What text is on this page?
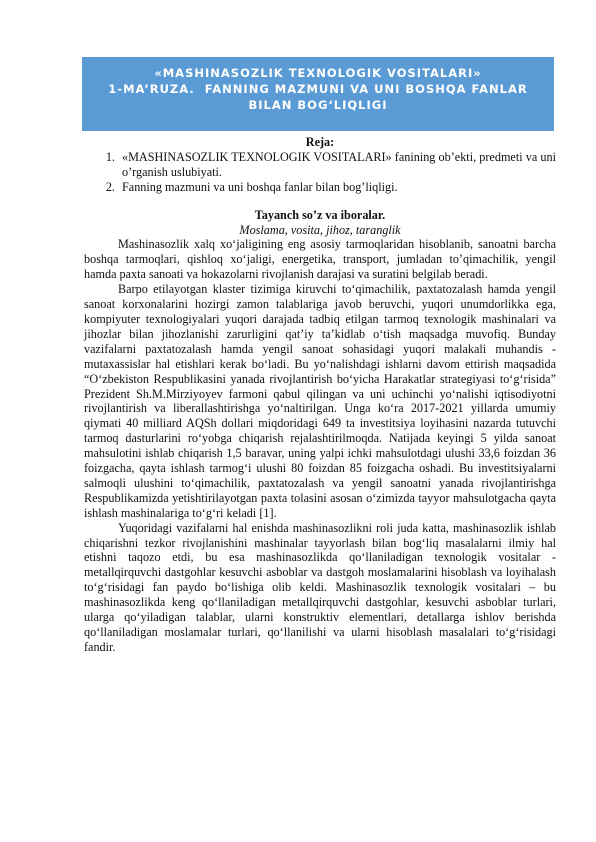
«MASHINASOZLIK TEXNOLOGIK VOSITALARI»
1-MA’RUZA.  FANNING MAZMUNI VA UNI BOSHQA FANLAR
BILAN BOG‘LIQLIGI

Reja:

1. «MASHINASOZLIK TEXNOLOGIK VOSITALARI» fanining ob’ekti, predmeti va uni o’rganish uslubiyati.
2. Fanning mazmuni va uni boshqa fanlar bilan bog’liqligi.

Tayanch so’z va iboralar.

Moslama, vosita, jihoz, taranglik

Mashinasozlik xalq xo‘jaligining eng asosiy tarmoqlaridan hisoblanib, sanoatni barcha boshqa tarmoqlari, qishloq xo‘jaligi, energetika, transport, jumladan to’qimachilik, yengil hamda paxta sanoati va hokazolarni rivojlanish darajasi va suratini belgilab beradi.

Barpo etilayotgan klaster tizimiga kiruvchi to‘qimachilik, paxtatozalash hamda yengil sanoat korxonalarini hozirgi zamon talablariga javob beruvchi, yuqori unumdorlikka ega, kompiyuter texnologiyalari yuqori darajada tadbiq etilgan tarmoq texnologik mashinalari va jihozlar bilan jihozlanishi zarurligini qat’iy ta’kidlab o‘tish maqsadga muvofiq. Bunday vazifalarni paxtatozalash hamda yengil sanoat sohasidagi yuqori malakali muhandis - mutaxassislar hal etishlari kerak bo‘ladi. Bu yo‘nalishdagi ishlarni davom ettirish maqsadida “O‘zbekiston Respublikasini yanada rivojlantirish bo‘yicha Harakatlar strategiyasi to‘g‘risida” Prezident Sh.M.Mirziyoyev farmoni qabul qilingan va uni uchinchi yo‘nalishi iqtisodiyotni rivojlantirish va liberallashtirishga yo‘naltirilgan. Unga ko‘ra 2017-2021 yillarda umumiy qiymati 40 milliard AQSh dollari miqdoridagi 649 ta investitsiya loyihasini nazarda tutuvchi tarmoq dasturlarini ro‘yobga chiqarish rejalashtirilmoqda. Natijada keyingi 5 yilda sanoat mahsulotini ishlab chiqarish 1,5 baravar, uning yalpi ichki mahsulotdagi ulushi 33,6 foizdan 36 foizgacha, qayta ishlash tarmog‘i ulushi 80 foizdan 85 foizgacha oshadi. Bu investitsiyalarni salmoqli ulushini to‘qimachilik, paxtatozalash va yengil sanoatni yanada rivojlantirishga Respublikamizda yetishtirilayotgan paxta tolasini asosan o‘zimizda tayyor mahsulotgacha qayta ishlash mashinalariga to‘g‘ri keladi [1].

Yuqoridagi vazifalarni hal enishda mashinasozlikni roli juda katta, mashinasozlik ishlab chiqarishni tezkor rivojlanishini mashinalar tayyorlash bilan bog‘liq masalalarni ilmiy hal etishni taqozo etdi, bu esa mashinasozlikda qo‘llaniladigan texnologik vositalar - metallqirquvchi dastgohlar kesuvchi asboblar va dastgoh moslamalarini hisoblash va loyihalash to‘g‘risidagi fan paydo bo‘lishiga olib keldi. Mashinasozlik texnologik vositalari – bu mashinasozlikda keng qo‘llaniladigan metallqirquvchi dastgohlar, kesuvchi asboblar turlari, ularga qo‘yiladigan talablar, ularni konstruktiv elementlari, detallarga ishlov berishda qo‘llaniladigan moslamalar turlari, qo‘llanilishi va ularni hisoblash masalalari to‘g‘risidagi fandir.
